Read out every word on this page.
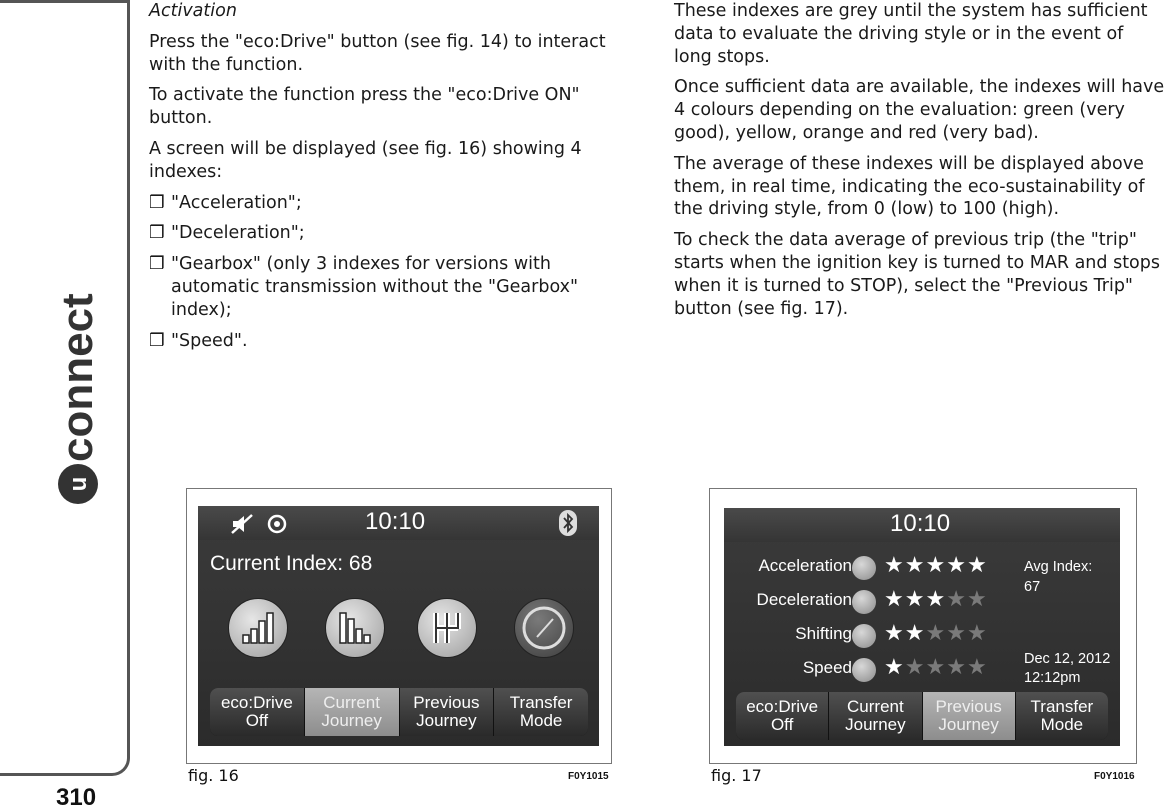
u
connect
310

Activation

Press the "eco:Drive" button (see fig. 14) to interact with the function.

To activate the function press the "eco:Drive ON" button.

A screen will be displayed (see fig. 16) showing 4 indexes:

❒ "Acceleration";

❒ "Deceleration";

❒ "Gearbox" (only 3 indexes for versions with automatic transmission without the "Gearbox" index);

❒ "Speed".

These indexes are grey until the system has sufficient data to evaluate the driving style or in the event of long stops.

Once sufficient data are available, the indexes will have 4 colours depending on the evaluation: green (very good), yellow, orange and red (very bad).

The average of these indexes will be displayed above them, in real time, indicating the eco-sustainability of the driving style, from 0 (low) to 100 (high).

To check the data average of previous trip (the "trip" starts when the ignition key is turned to MAR and stops when it is turned to STOP), select the "Previous Trip" button (see fig. 17).

10:10
Current Index: 68
eco:Drive
Off
Current
Journey
Previous
Journey
Transfer
Mode
fig. 16	F0Y1015
10:10
Acceleration ★★★★★
Deceleration ★★★★★
Shifting ★★★★★
Speed ★★★★★
Avg Index:
67
Dec 12, 2012
12:12pm
eco:Drive
Off
Current
Journey
Previous
Journey
Transfer
Mode
fig. 17	F0Y1016
